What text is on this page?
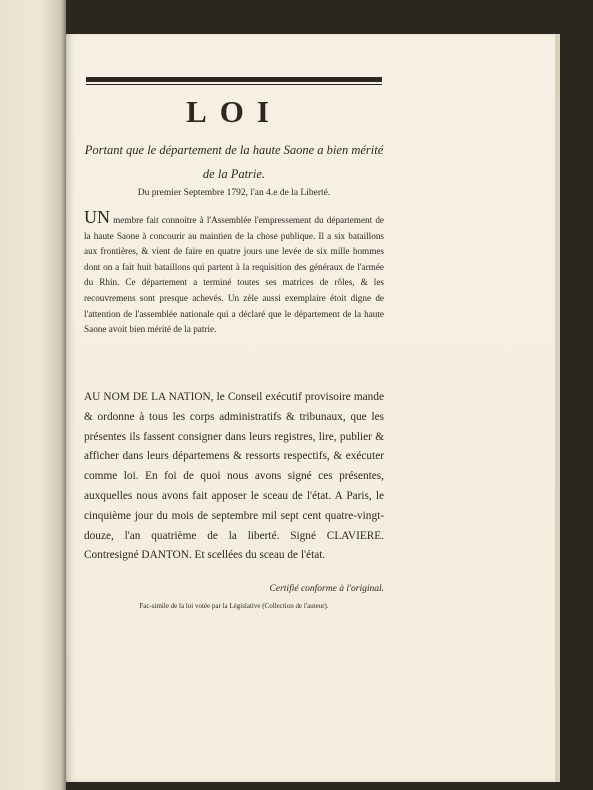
LOI
Portant que le département de la haute Saone a bien mérité de la Patrie.
Du premier Septembre 1792, l'an 4.e de la Liberté.
UN membre fait connoitre à l'Assemblée l'empressement du département de la haute Saone à concourir au maintien de la chose publique. Il a six bataillons aux frontières, & vient de faire en quatre jours une levée de six mille hommes dont on a fait huit bataillons qui partent à la requisition des généraux de l'armée du Rhin. Ce département a terminé toutes ses matrices de rôles, & les recouvremens sont presque achevés. Un zèle aussi exemplaire étoit digne de l'attention de l'assemblée nationale qui a déclaré que le département de la haute Saone avoit bien mérité de la patrie.
AU NOM DE LA NATION, le Conseil exécutif provisoire mande & ordonne à tous les corps administratifs & tribunaux, que les présentes ils fassent consigner dans leurs registres, lire, publier & afficher dans leurs départemens & ressorts respectifs, & exécuter comme loi. En foi de quoi nous avons signé ces présentes, auxquelles nous avons fait apposer le sceau de l'état. A Paris, le cinquième jour du mois de septembre mil sept cent quatre-vingt-douze, l'an quatrième de la liberté. Signé CLAVIERE. Contresigné DANTON. Et scellées du sceau de l'état.
Certifié conforme à l'original.
Fac-simile de la loi votée par la Législative (Collection de l'auteur).
